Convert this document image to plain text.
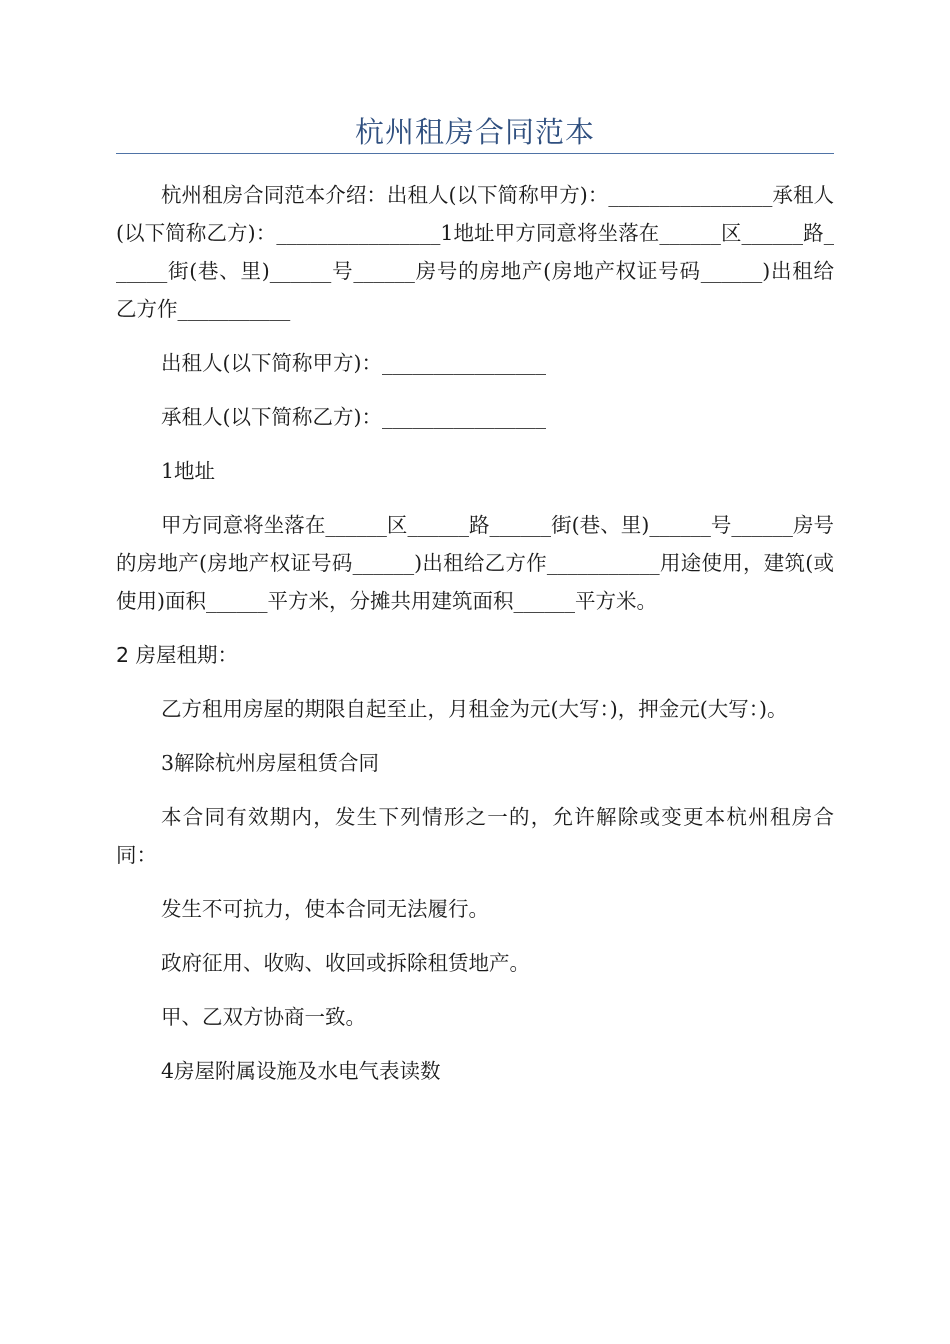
杭州租房合同范本

杭州租房合同范本介绍：出租人(以下简称甲方)：________________承租人(以下简称乙方)：________________1地址甲方同意将坐落在______区______路______街(巷、里)______号______房号的房地产(房地产权证号码______)出租给乙方作___________

出租人(以下简称甲方)：________________

承租人(以下简称乙方)：________________

1地址

甲方同意将坐落在______区______路______街(巷、里)______号______房号的房地产(房地产权证号码______)出租给乙方作___________用途使用，建筑(或使用)面积______平方米，分摊共用建筑面积______平方米。

2 房屋租期：

乙方租用房屋的期限自起至止，月租金为元(大写：)，押金元(大写：)。

3解除杭州房屋租赁合同

本合同有效期内，发生下列情形之一的，允许解除或变更本杭州租房合同：

发生不可抗力，使本合同无法履行。

政府征用、收购、收回或拆除租赁地产。

甲、乙双方协商一致。

4房屋附属设施及水电气表读数
